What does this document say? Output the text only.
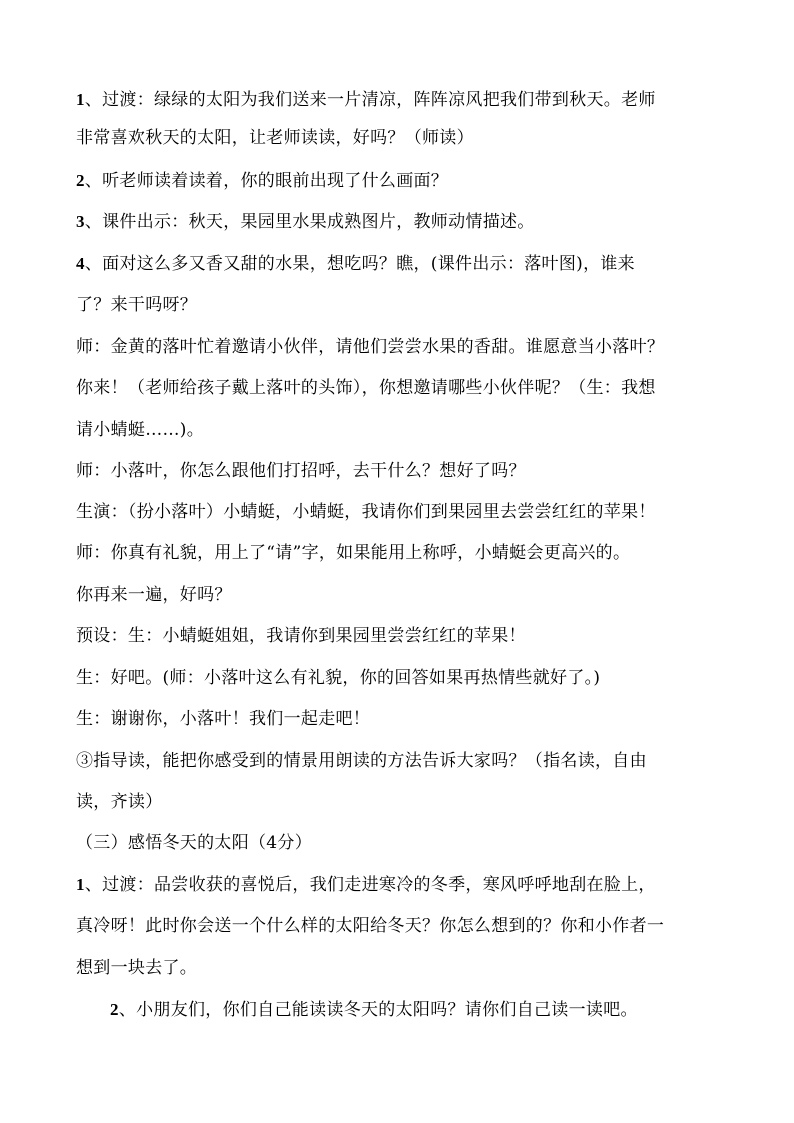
1、过渡：绿绿的太阳为我们送来一片清凉，阵阵凉风把我们带到秋天。老师
非常喜欢秋天的太阳，让老师读读，好吗？（师读）
2、听老师读着读着，你的眼前出现了什么画面？
3、课件出示：秋天，果园里水果成熟图片，教师动情描述。
4、面对这么多又香又甜的水果，想吃吗？瞧，(课件出示：落叶图)，谁来
了？来干吗呀？
师：金黄的落叶忙着邀请小伙伴，请他们尝尝水果的香甜。谁愿意当小落叶？
你来！（老师给孩子戴上落叶的头饰），你想邀请哪些小伙伴呢？（生：我想
请小蜻蜓……)。
师：小落叶，你怎么跟他们打招呼，去干什么？想好了吗？
生演：（扮小落叶）小蜻蜓，小蜻蜓，我请你们到果园里去尝尝红红的苹果！
师：你真有礼貌，用上了“请”字，如果能用上称呼，小蜻蜓会更高兴的。
你再来一遍，好吗？
预设：生：小蜻蜓姐姐，我请你到果园里尝尝红红的苹果！
生：好吧。(师：小落叶这么有礼貌，你的回答如果再热情些就好了。)
生：谢谢你，小落叶！我们一起走吧！
③指导读，能把你感受到的情景用朗读的方法告诉大家吗？（指名读，自由
读，齐读）
（三）感悟冬天的太阳（4分）
1、过渡：品尝收获的喜悦后，我们走进寒冷的冬季，寒风呼呼地刮在脸上，
真冷呀！此时你会送一个什么样的太阳给冬天？你怎么想到的？你和小作者一
想到一块去了。
2、小朋友们，你们自己能读读冬天的太阳吗？请你们自己读一读吧。
